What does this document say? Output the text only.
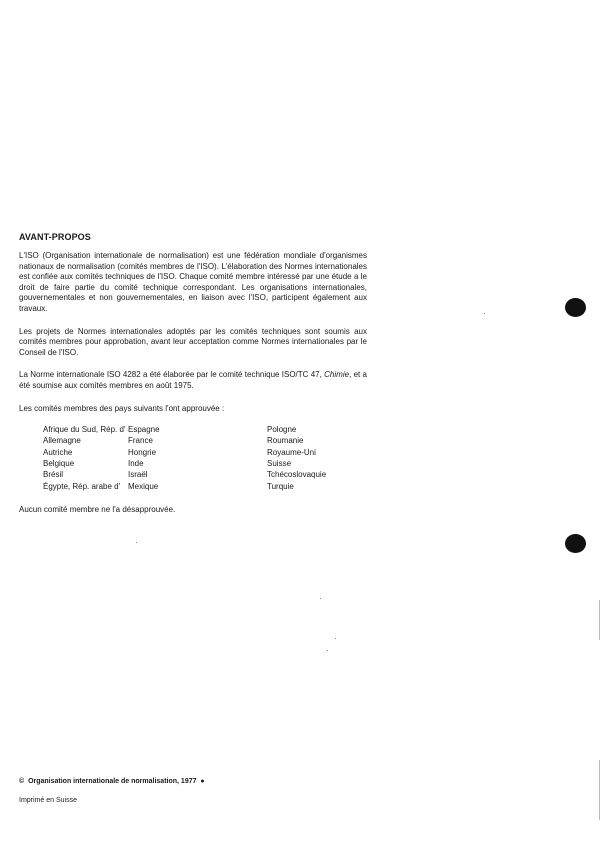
AVANT-PROPOS

L'ISO (Organisation internationale de normalisation) est une fédération mondiale d'organismes nationaux de normalisation (comités membres de l'ISO). L'élaboration des Normes internationales est confiée aux comités techniques de l'ISO. Chaque comité membre intéressé par une étude a le droit de faire partie du comité technique correspondant. Les organisations internationales, gouvernementales et non gouvernementales, en liaison avec l'ISO, participent également aux travaux.

Les projets de Normes internationales adoptés par les comités techniques sont soumis aux comités membres pour approbation, avant leur acceptation comme Normes internationales par le Conseil de l'ISO.

La Norme internationale ISO 4282 a été élaborée par le comité technique ISO/TC 47, Chimie, et a été soumise aux comités membres en août 1975.

Les comités membres des pays suivants l'ont approuvée :

Afrique du Sud, Rép. d'
Allemagne
Autriche
Belgique
Brésil
Égypte, Rép. arabe d'
Espagne
France
Hongrie
Inde
Israël
Mexique
Pologne
Roumanie
Royaume-Uni
Suisse
Tchécoslovaquie
Turquie

Aucun comité membre ne l'a désapprouvée.

© Organisation internationale de normalisation, 1977 ●
Imprimé en Suisse
